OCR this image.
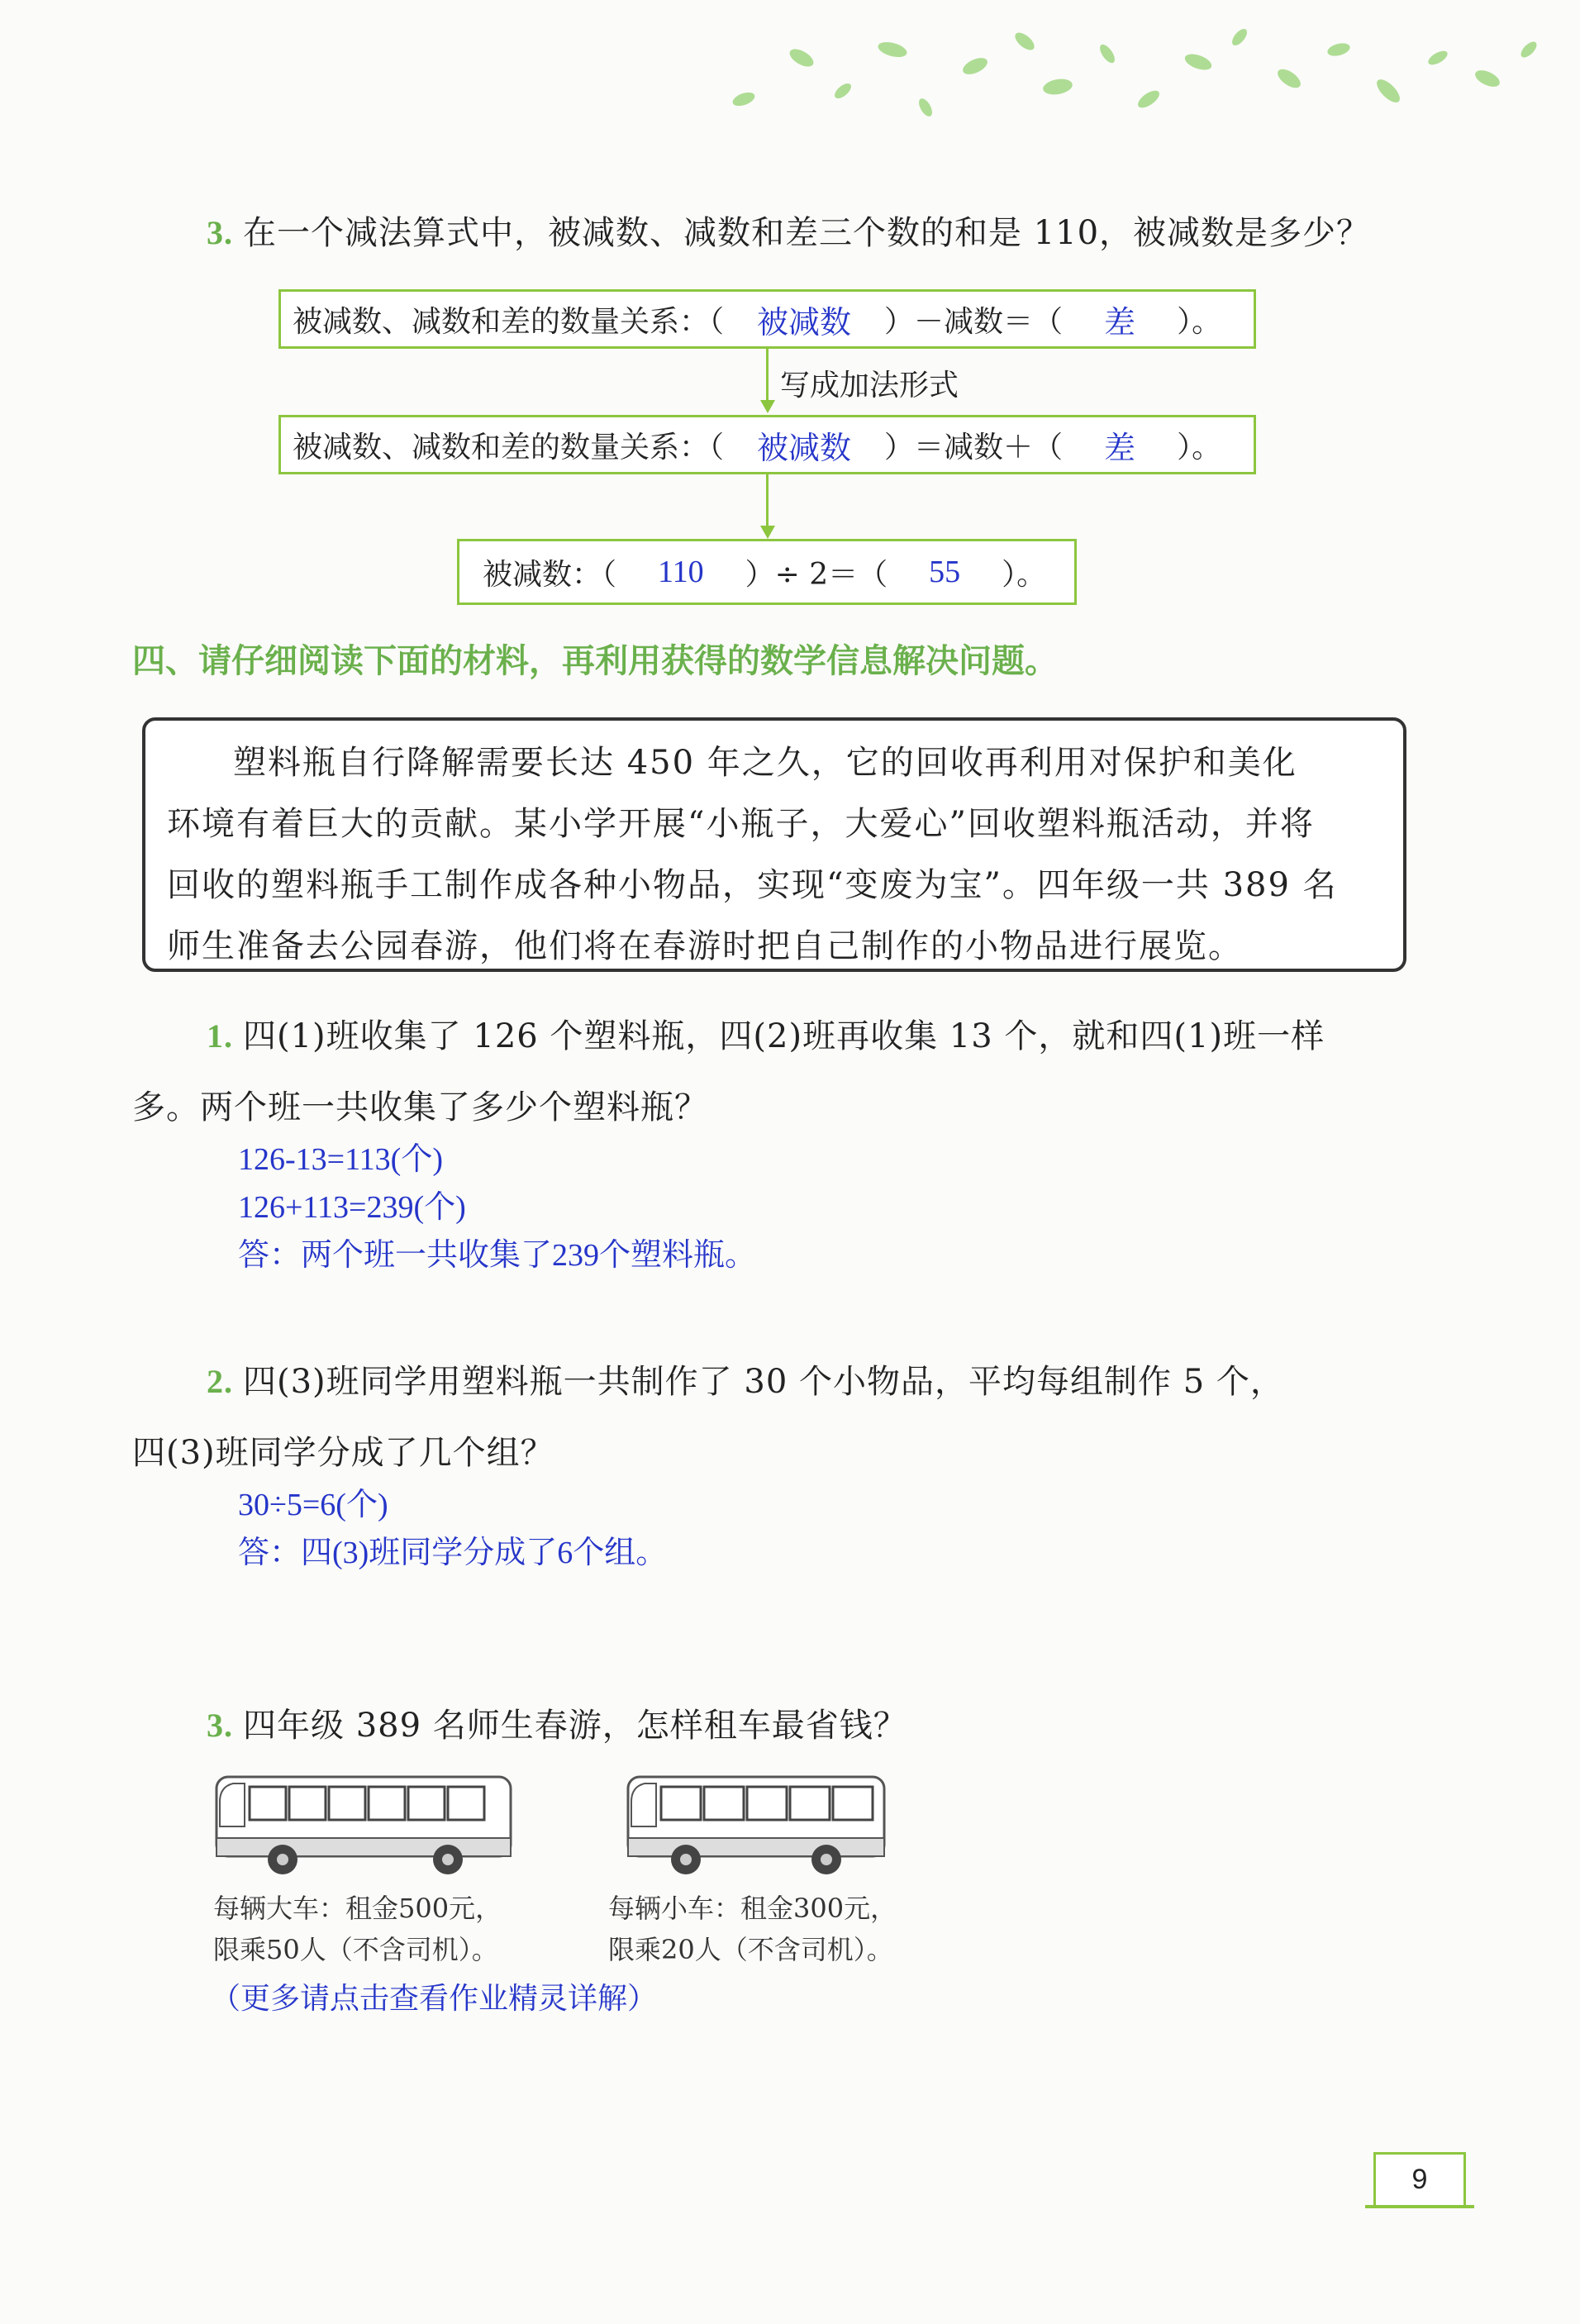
3. 在一个减法算式中，被减数、减数和差三个数的和是 110，被减数是多少？
被减数、减数和差的数量关系：（ 被减数 ）－减数＝（ 差 ）。
写成加法形式
被减数、减数和差的数量关系：（ 被减数 ）＝减数＋（ 差 ）。
被减数：（ 110 ）÷ 2＝（ 55 ）。
四、请仔细阅读下面的材料，再利用获得的数学信息解决问题。
塑料瓶自行降解需要长达 450 年之久，它的回收再利用对保护和美化
环境有着巨大的贡献。某小学开展“小瓶子，大爱心”回收塑料瓶活动，并将
回收的塑料瓶手工制作成各种小物品，实现“变废为宝”。四年级一共 389 名
师生准备去公园春游，他们将在春游时把自己制作的小物品进行展览。
1. 四(1)班收集了 126 个塑料瓶，四(2)班再收集 13 个，就和四(1)班一样
多。两个班一共收集了多少个塑料瓶？
126-13=113(个)
126+113=239(个)
答：两个班一共收集了239个塑料瓶。
2. 四(3)班同学用塑料瓶一共制作了 30 个小物品，平均每组制作 5 个，
四(3)班同学分成了几个组？
30÷5=6(个)
答：四(3)班同学分成了6个组。
3. 四年级 389 名师生春游，怎样租车最省钱？
每辆大车：租金500元，
限乘50人（不含司机）。
每辆小车：租金300元，
限乘20人（不含司机）。
（更多请点击查看作业精灵详解）
9
